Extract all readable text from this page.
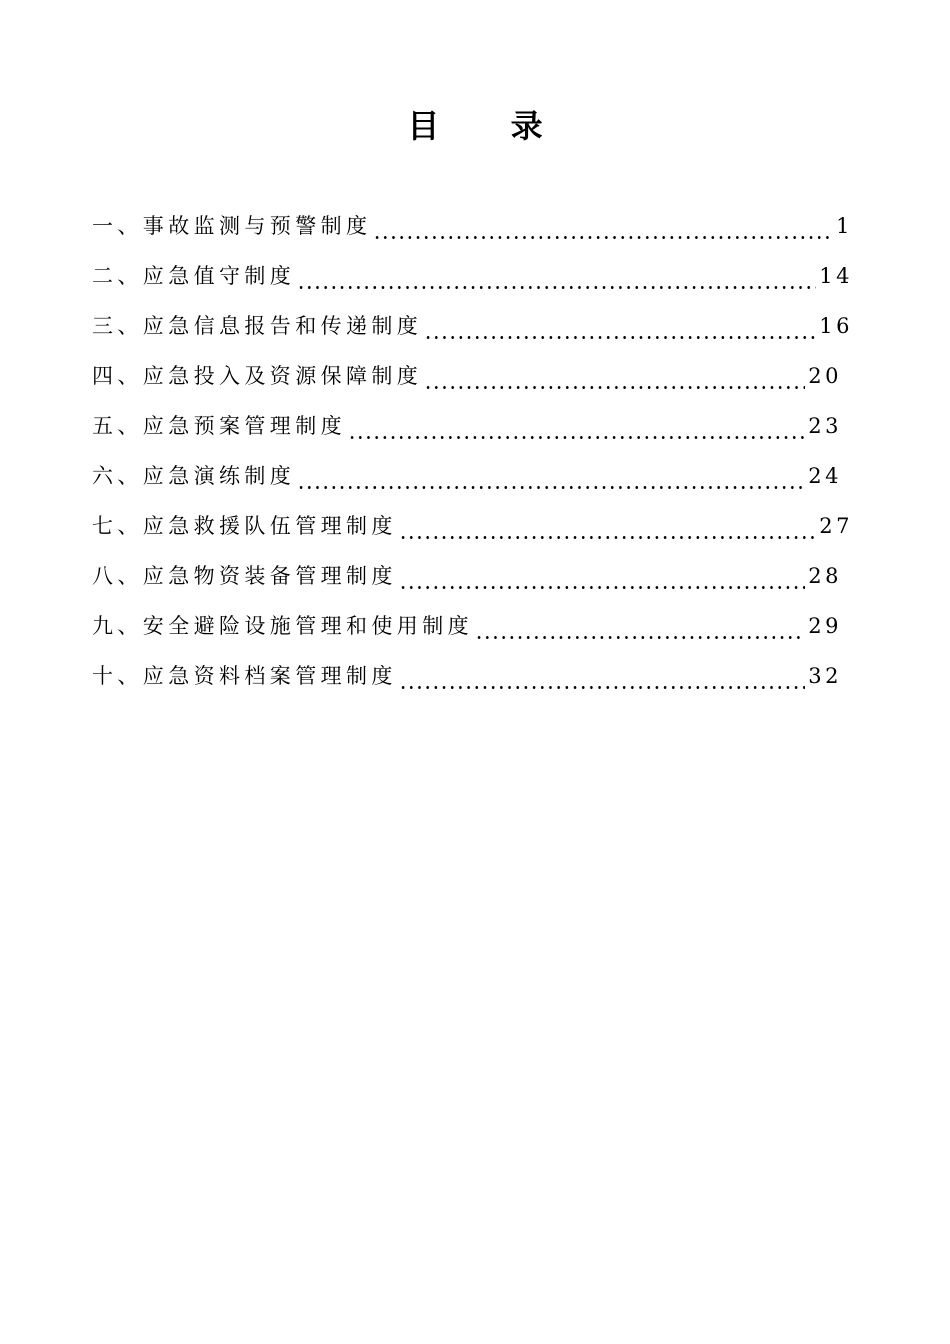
目 录
一、事故监测与预警制度	1
二、应急值守制度	14
三、应急信息报告和传递制度	16
四、应急投入及资源保障制度	20
五、应急预案管理制度	23
六、应急演练制度	24
七、应急救援队伍管理制度	27
八、应急物资装备管理制度	28
九、安全避险设施管理和使用制度	29
十、应急资料档案管理制度	32
